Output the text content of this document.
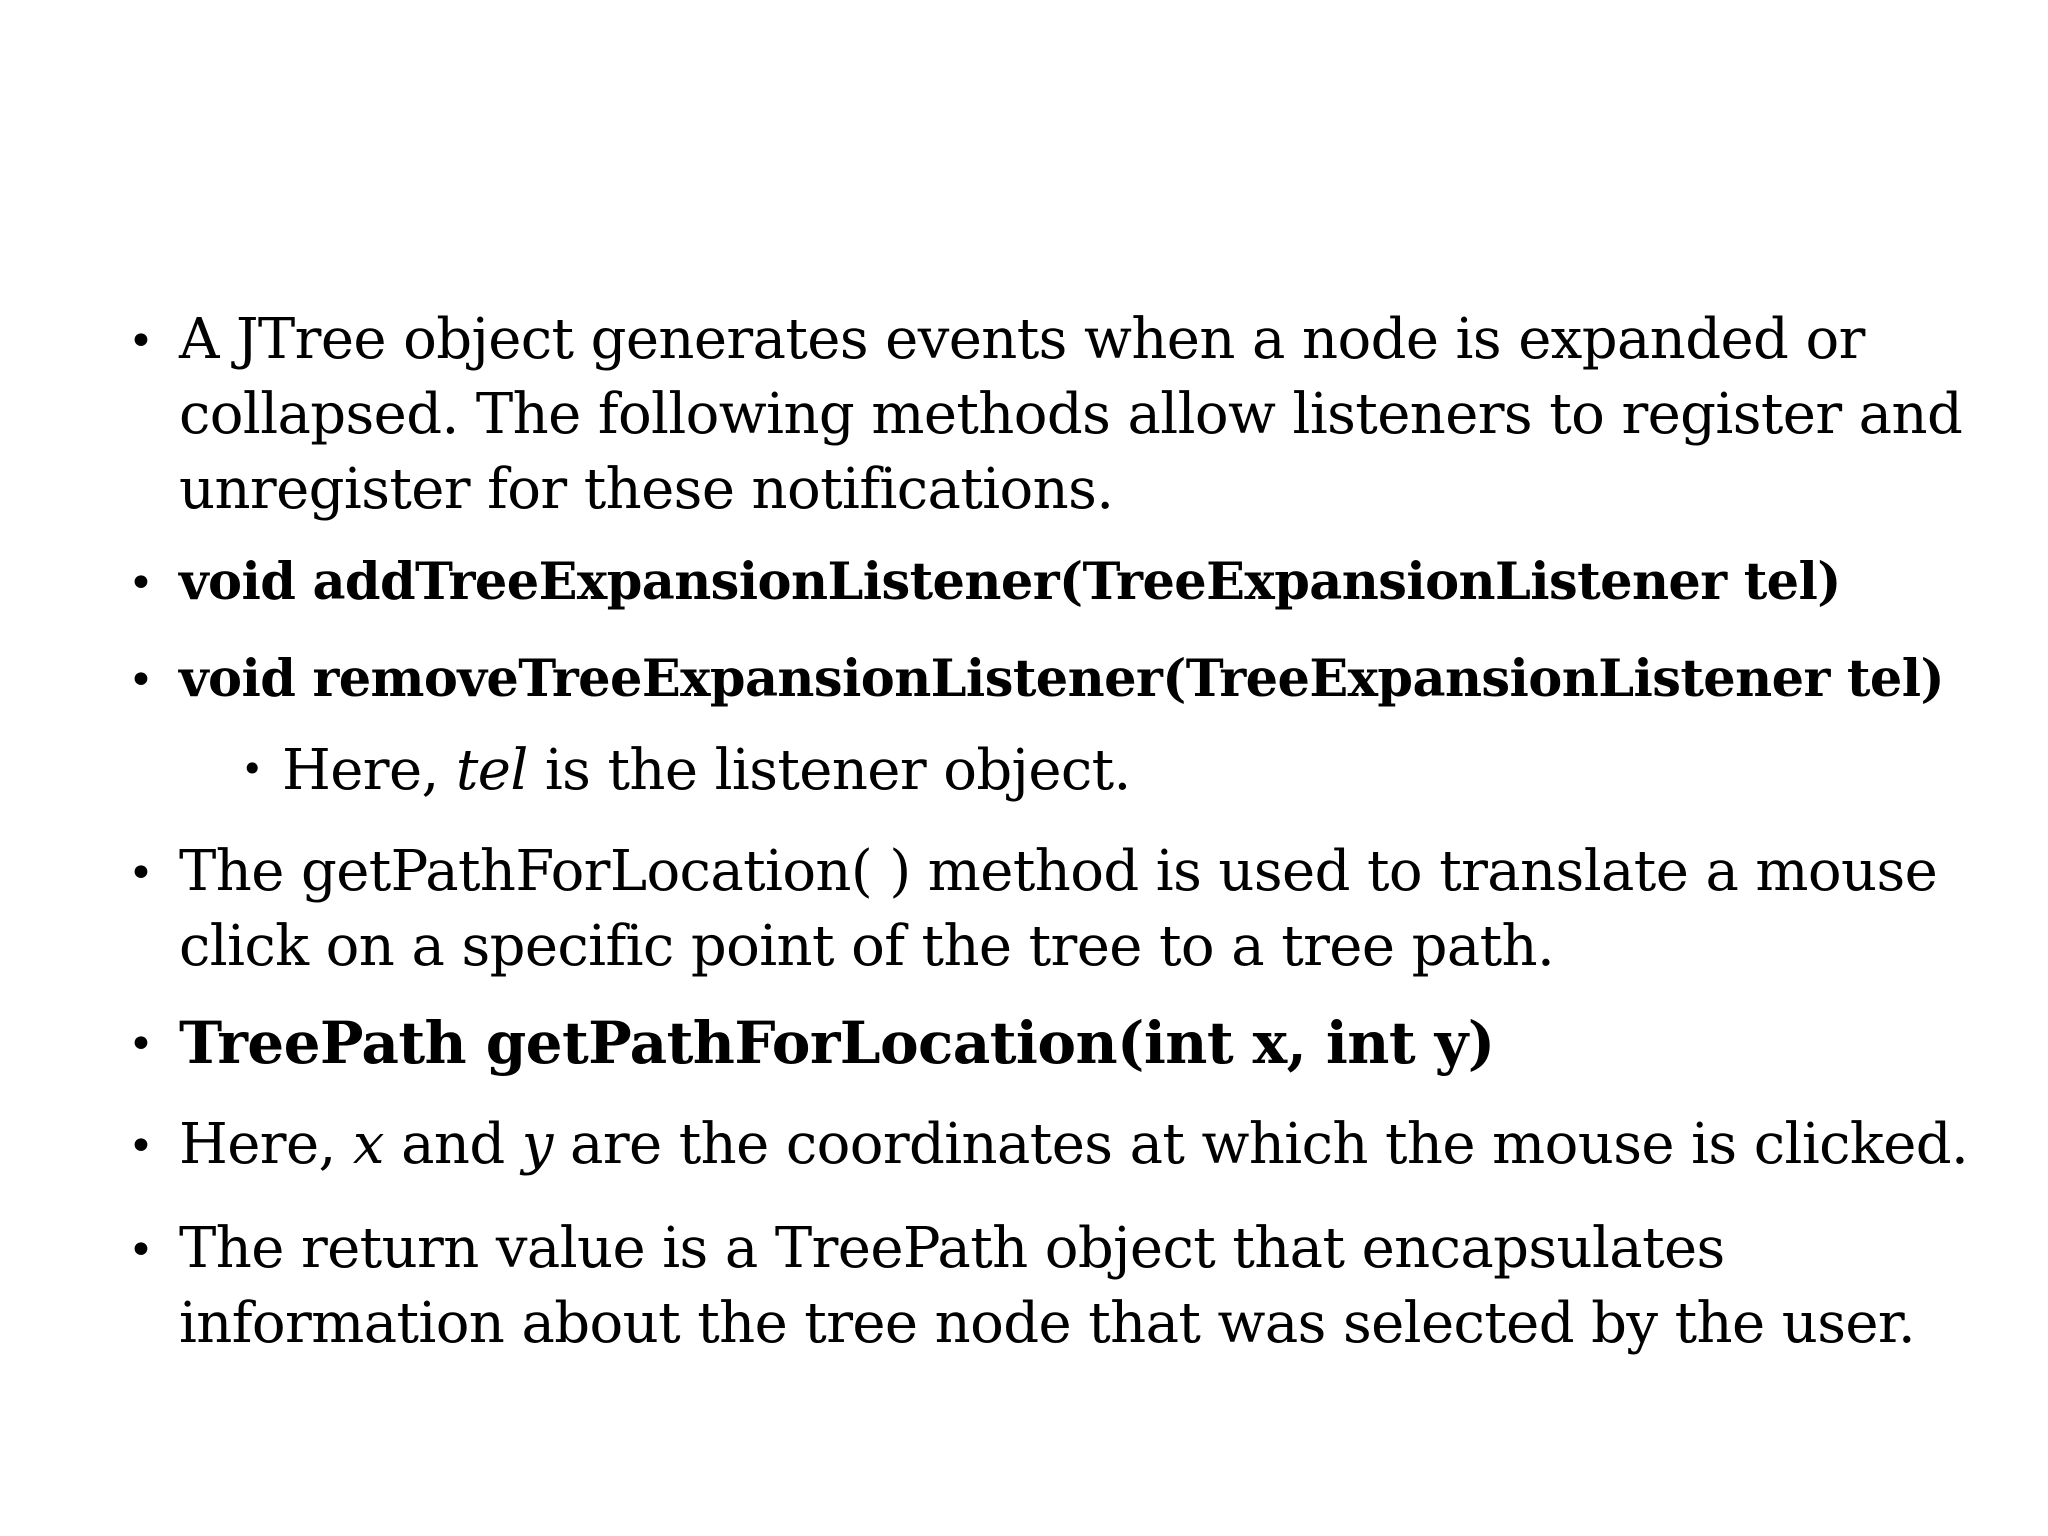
• A JTree object generates events when a node is expanded or
collapsed. The following methods allow listeners to register and
unregister for these notifications.
• void addTreeExpansionListener(TreeExpansionListener tel)
• void removeTreeExpansionListener(TreeExpansionListener tel)
• Here, tel is the listener object.
• The getPathForLocation( ) method is used to translate a mouse
click on a specific point of the tree to a tree path.
• TreePath getPathForLocation(int x, int y)
• Here, x and y are the coordinates at which the mouse is clicked.
• The return value is a TreePath object that encapsulates
information about the tree node that was selected by the user.
